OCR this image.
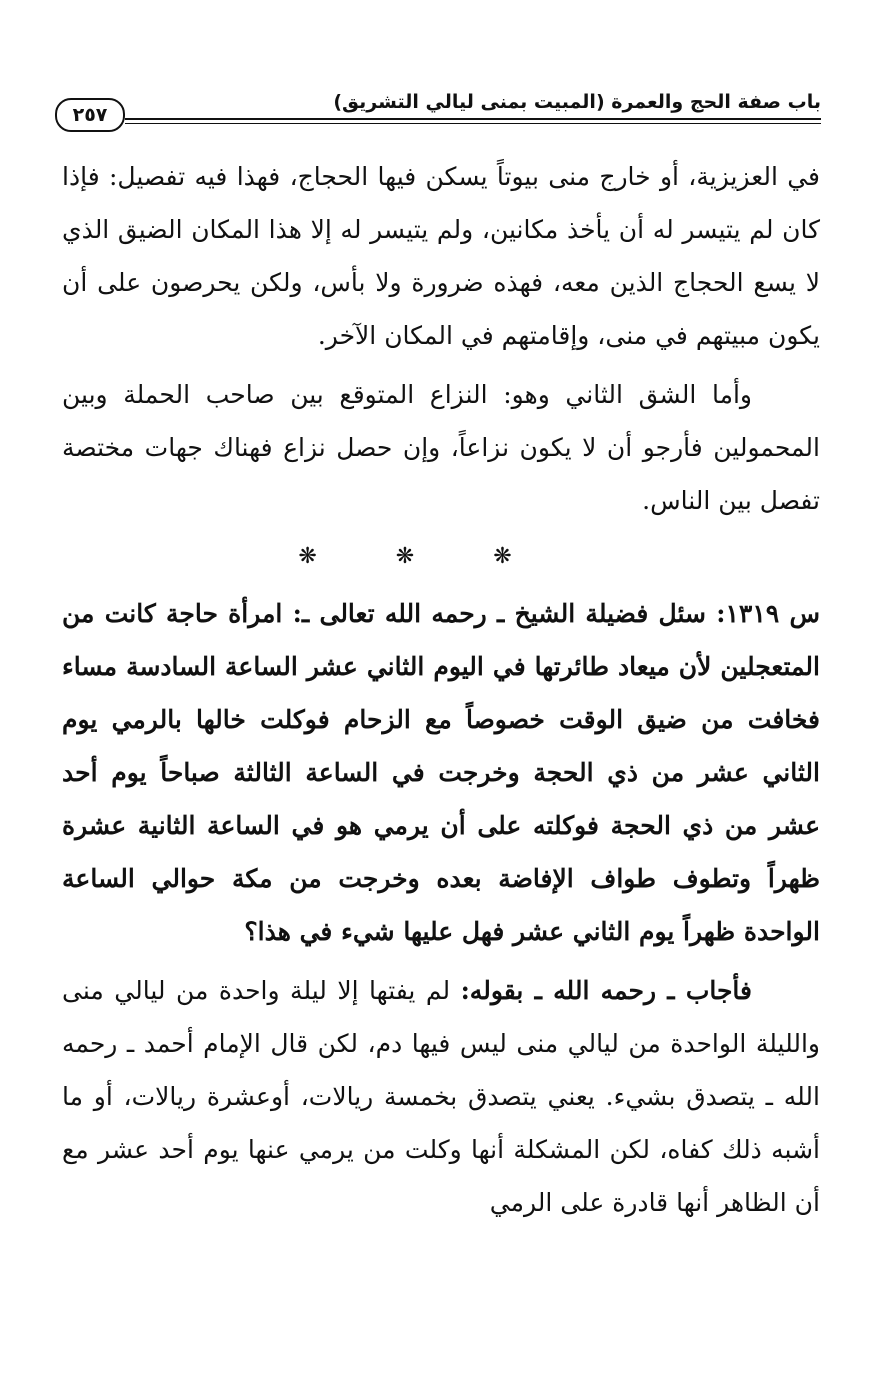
باب صفة الحج والعمرة (المبيت بمنى ليالي التشريق)
٢٥٧

في العزيزية، أو خارج منى بيوتاً يسكن فيها الحجاج، فهذا فيه تفصيل: فإذا كان لم يتيسر له أن يأخذ مكانين، ولم يتيسر له إلا هذا المكان الضيق الذي لا يسع الحجاج الذين معه، فهذه ضرورة ولا بأس، ولكن يحرصون على أن يكون مبيتهم في منى، وإقامتهم في المكان الآخر.

وأما الشق الثاني وهو: النزاع المتوقع بين صاحب الحملة وبين المحمولين فأرجو أن لا يكون نزاعاً، وإن حصل نزاع فهناك جهات مختصة تفصل بين الناس.

❋ ❋ ❋

س ١٣١٩: سئل فضيلة الشيخ ـ رحمه الله تعالى ـ: امرأة حاجة كانت من المتعجلين لأن ميعاد طائرتها في اليوم الثاني عشر الساعة السادسة مساء فخافت من ضيق الوقت خصوصاً مع الزحام فوكلت خالها بالرمي يوم الثاني عشر من ذي الحجة وخرجت في الساعة الثالثة صباحاً يوم أحد عشر من ذي الحجة فوكلته على أن يرمي هو في الساعة الثانية عشرة ظهراً وتطوف طواف الإفاضة بعده وخرجت من مكة حوالي الساعة الواحدة ظهراً يوم الثاني عشر فهل عليها شيء في هذا؟

فأجاب ـ رحمه الله ـ بقوله: لم يفتها إلا ليلة واحدة من ليالي منى والليلة الواحدة من ليالي منى ليس فيها دم، لكن قال الإمام أحمد ـ رحمه الله ـ يتصدق بشيء. يعني يتصدق بخمسة ريالات، أوعشرة ريالات، أو ما أشبه ذلك كفاه، لكن المشكلة أنها وكلت من يرمي عنها يوم أحد عشر مع أن الظاهر أنها قادرة على الرمي
